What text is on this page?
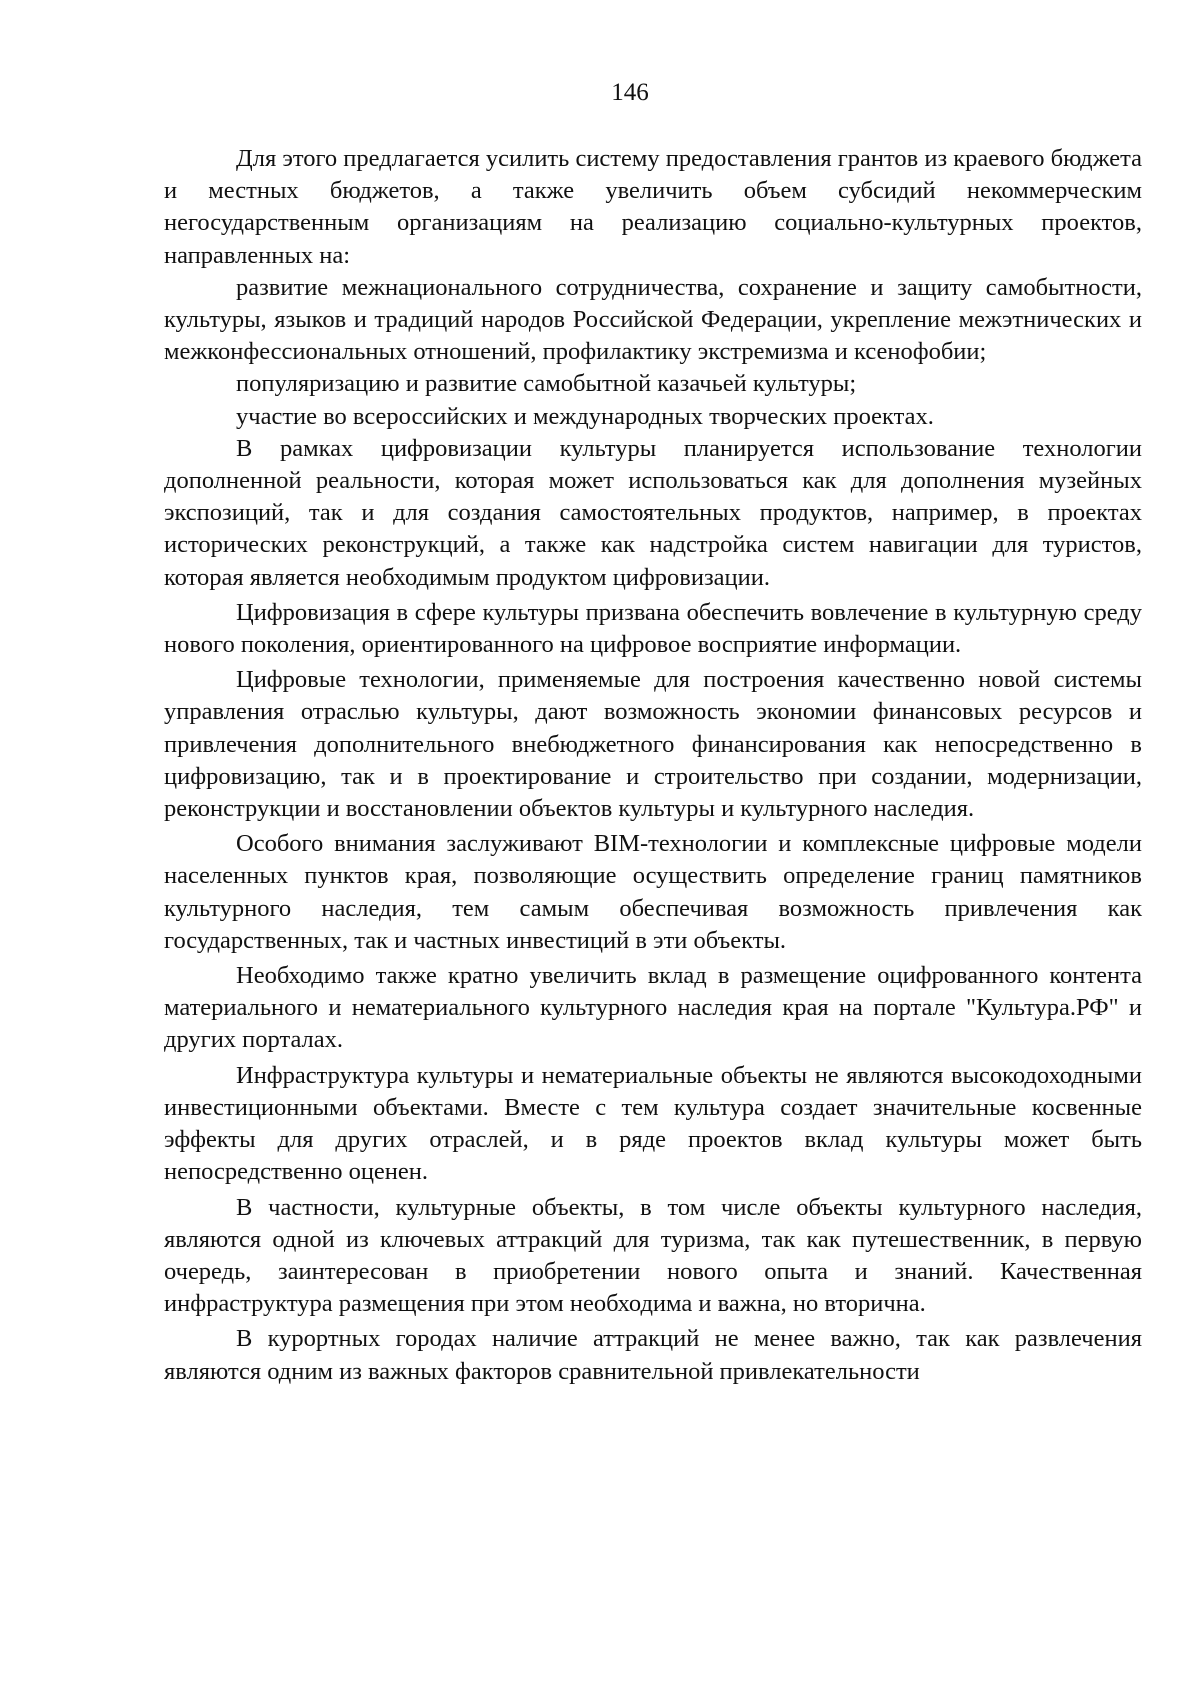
146

Для этого предлагается усилить систему предоставления грантов из краевого бюджета и местных бюджетов, а также увеличить объем субсидий некоммерческим негосударственным организациям на реализацию социально-культурных проектов, направленных на:

развитие межнационального сотрудничества, сохранение и защиту самобытности, культуры, языков и традиций народов Российской Федерации, укрепление межэтнических и межконфессиональных отношений, профилактику экстремизма и ксенофобии;

популяризацию и развитие самобытной казачьей культуры;

участие во всероссийских и международных творческих проектах.

В рамках цифровизации культуры планируется использование технологии дополненной реальности, которая может использоваться как для дополнения музейных экспозиций, так и для создания самостоятельных продуктов, например, в проектах исторических реконструкций, а также как надстройка систем навигации для туристов, которая является необходимым продуктом цифровизации.

Цифровизация в сфере культуры призвана обеспечить вовлечение в культурную среду нового поколения, ориентированного на цифровое восприятие информации.

Цифровые технологии, применяемые для построения качественно новой системы управления отраслью культуры, дают возможность экономии финансовых ресурсов и привлечения дополнительного внебюджетного финансирования как непосредственно в цифровизацию, так и в проектирование и строительство при создании, модернизации, реконструкции и восстановлении объектов культуры и культурного наследия.

Особого внимания заслуживают BIM-технологии и комплексные цифровые модели населенных пунктов края, позволяющие осуществить определение границ памятников культурного наследия, тем самым обеспечивая возможность привлечения как государственных, так и частных инвестиций в эти объекты.

Необходимо также кратно увеличить вклад в размещение оцифрованного контента материального и нематериального культурного наследия края на портале "Культура.РФ" и других порталах.

Инфраструктура культуры и нематериальные объекты не являются высокодоходными инвестиционными объектами. Вместе с тем культура создает значительные косвенные эффекты для других отраслей, и в ряде проектов вклад культуры может быть непосредственно оценен.

В частности, культурные объекты, в том числе объекты культурного наследия, являются одной из ключевых аттракций для туризма, так как путешественник, в первую очередь, заинтересован в приобретении нового опыта и знаний. Качественная инфраструктура размещения при этом необходима и важна, но вторична.

В курортных городах наличие аттракций не менее важно, так как развлечения являются одним из важных факторов сравнительной привлекательности
